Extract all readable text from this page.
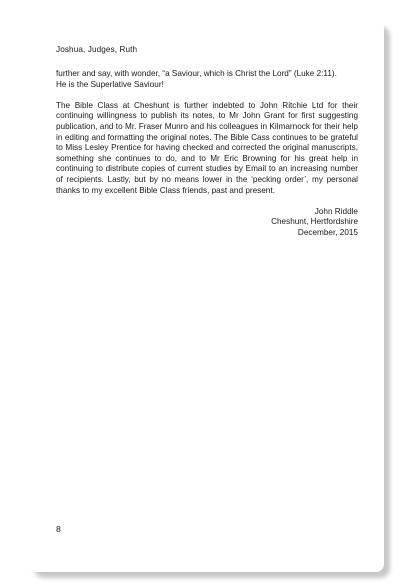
Joshua, Judges, Ruth

further and say, with wonder, “a Saviour, which is Christ the Lord” (Luke 2:11).
He is the Superlative Saviour!

The Bible Class at Cheshunt is further indebted to John Ritchie Ltd for their continuing willingness to publish its notes, to Mr John Grant for first suggesting publication, and to Mr. Fraser Munro and his colleagues in Kilmarnock for their help in editing and formatting the original notes. The Bible Cass continues to be grateful to Miss Lesley Prentice for having checked and corrected the original manuscripts, something she continues to do, and to Mr Eric Browning for his great help in continuing to distribute copies of current studies by Email to an increasing number of recipients. Lastly, but by no means lower in the ‘pecking order’, my personal thanks to my excellent Bible Class friends, past and present.

John Riddle
Cheshunt, Hertfordshire
December, 2015
8
